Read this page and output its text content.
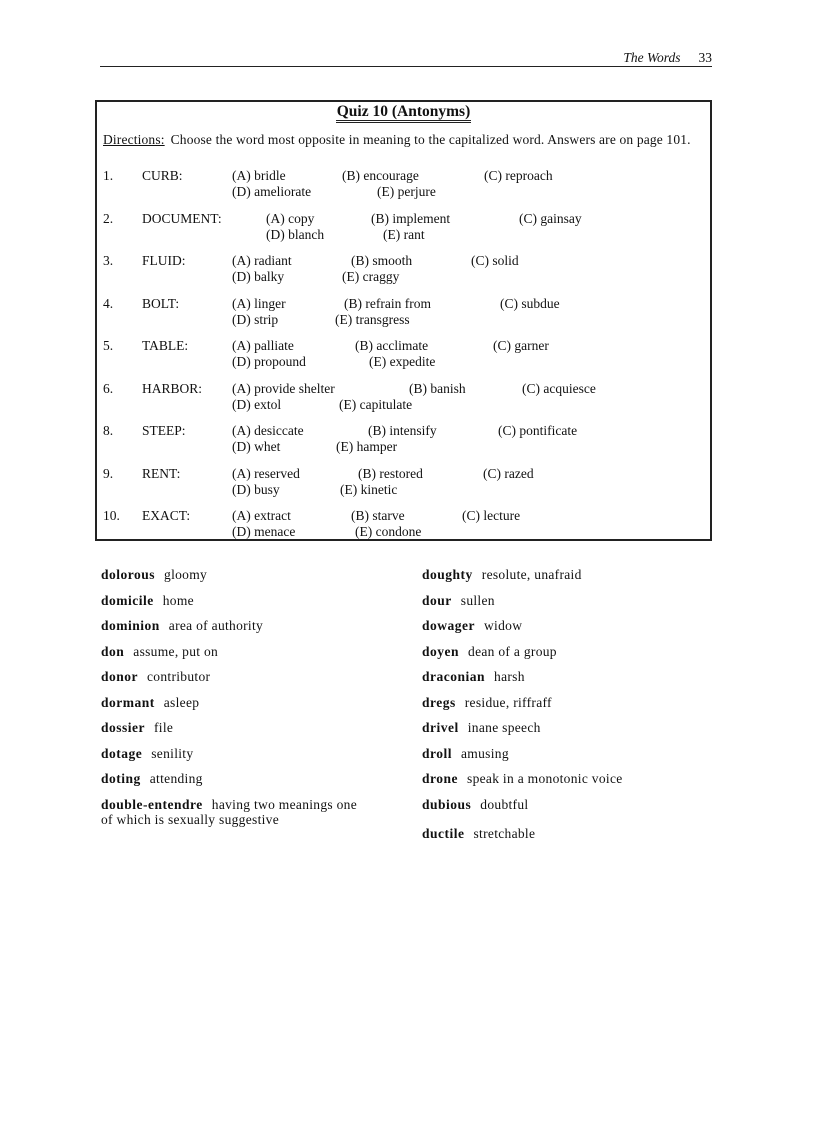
The Words 33
Quiz 10 (Antonyms)
Directions: Choose the word most opposite in meaning to the capitalized word. Answers are on page 101.
1. CURB:	(A) bridle	(B) encourage	(C) reproach
(D) ameliorate	(E) perjure
2. DOCUMENT:	(A) copy	(B) implement	(C) gainsay
(D) blanch	(E) rant
3. FLUID:	(A) radiant	(B) smooth	(C) solid
(D) balky	(E) craggy
4. BOLT:	(A) linger	(B) refrain from	(C) subdue
(D) strip	(E) transgress
5. TABLE:	(A) palliate	(B) acclimate	(C) garner
(D) propound	(E) expedite
6. HARBOR: (A) provide shelter	(B) banish	(C) acquiesce
(D) extol	(E) capitulate
8. STEEP:	(A) desiccate	(B) intensify	(C) pontificate
(D) whet	(E) hamper
9. RENT:	(A) reserved	(B) restored	(C) razed
(D) busy	(E) kinetic
10. EXACT:	(A) extract	(B) starve	(C) lecture
(D) menace	(E) condone
dolorous gloomy
domicile home
dominion area of authority
don assume, put on
donor contributor
dormant asleep
dossier file
dotage senility
doting attending
double-entendre having two meanings one of which is sexually suggestive
doughty resolute, unafraid
dour sullen
dowager widow
doyen dean of a group
draconian harsh
dregs residue, riffraff
drivel inane speech
droll amusing
drone speak in a monotonic voice
dubious doubtful
ductile stretchable
